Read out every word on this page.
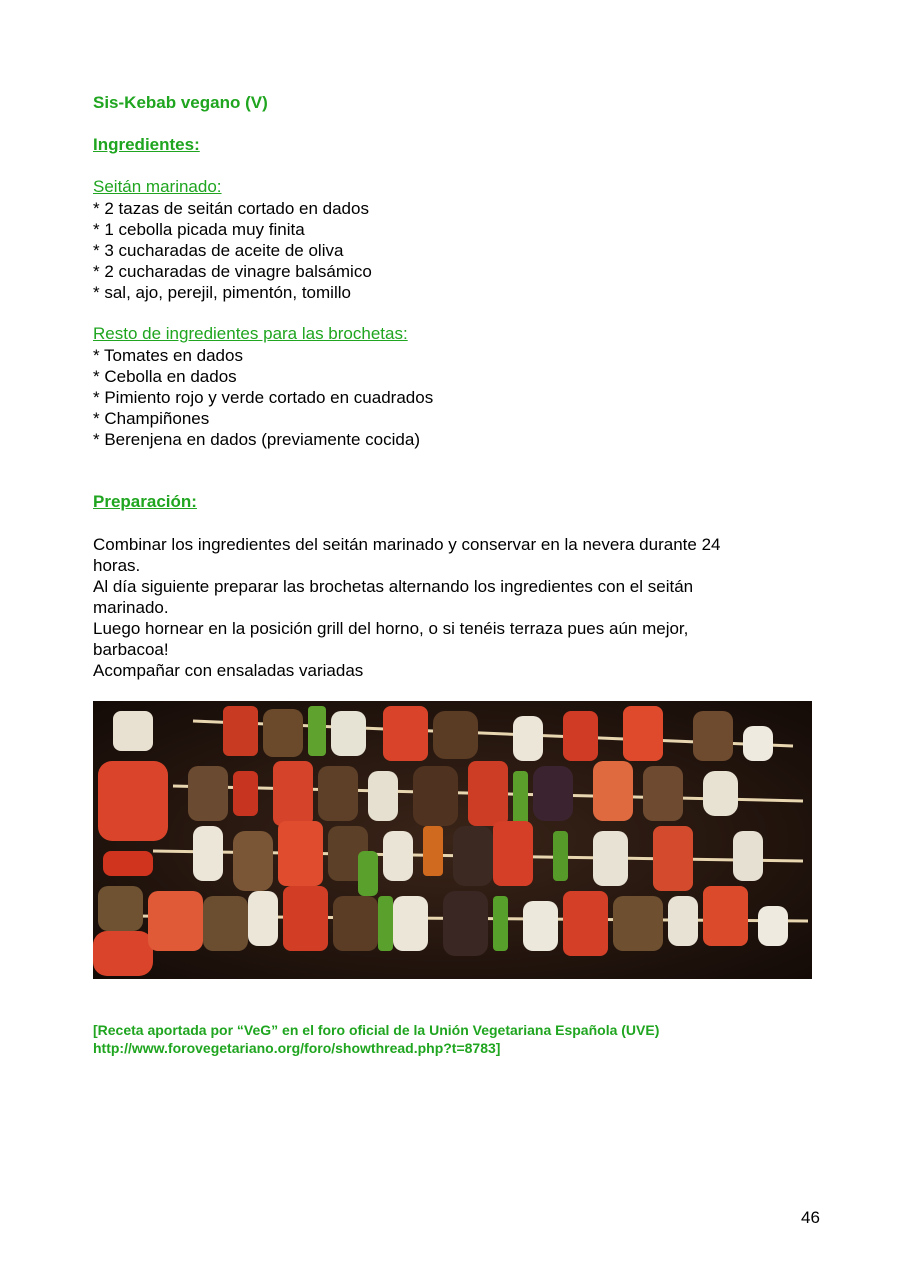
Sis-Kebab vegano (V)
Ingredientes:
Seitán marinado:
* 2 tazas de seitán cortado en dados
* 1 cebolla picada muy finita
* 3 cucharadas de aceite de oliva
* 2 cucharadas de vinagre balsámico
* sal, ajo, perejil, pimentón, tomillo
Resto de ingredientes para las brochetas:
* Tomates en dados
* Cebolla en dados
* Pimiento rojo y verde cortado en cuadrados
* Champiñones
* Berenjena en dados (previamente cocida)
Preparación:

Combinar los ingredientes del seitán marinado y conservar en la nevera durante 24

horas.

Al día siguiente preparar las brochetas alternando los ingredientes con el seitán

marinado.

Luego hornear en la posición grill del horno, o si tenéis terraza pues aún mejor,

barbacoa!

Acompañar con ensaladas variadas

[Receta aportada por “VeG” en el foro oficial de la Unión Vegetariana Española (UVE)
http://www.forovegetariano.org/foro/showthread.php?t=8783]
46
